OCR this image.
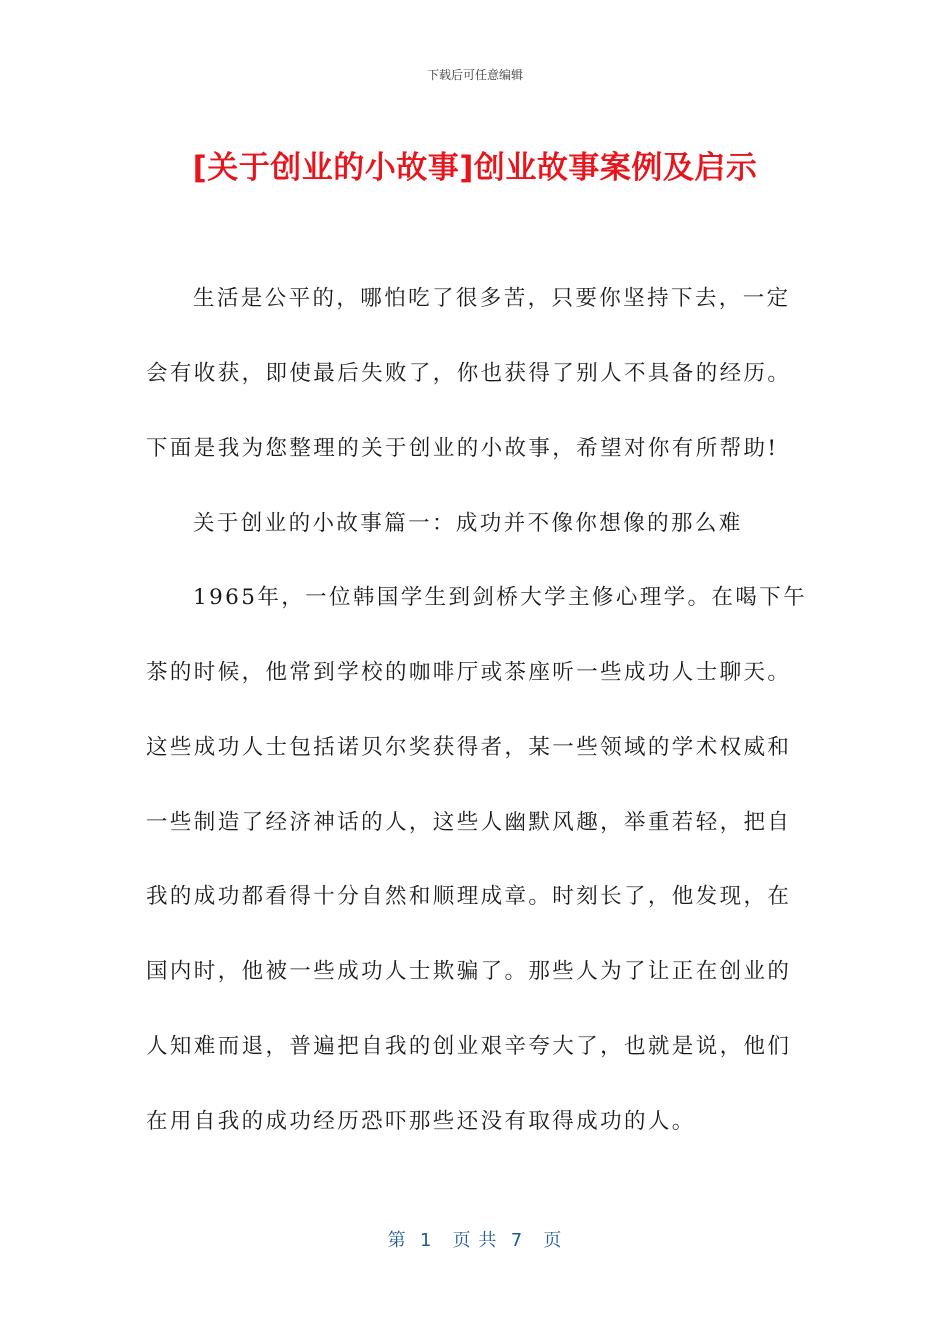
下载后可任意编辑
[关于创业的小故事]创业故事案例及启示
生活是公平的，哪怕吃了很多苦，只要你坚持下去，一定
会有收获，即使最后失败了，你也获得了别人不具备的经历。
下面是我为您整理的关于创业的小故事，希望对你有所帮助!
关于创业的小故事篇一：成功并不像你想像的那么难
1965年，一位韩国学生到剑桥大学主修心理学。在喝下午
茶的时候，他常到学校的咖啡厅或茶座听一些成功人士聊天。
这些成功人士包括诺贝尔奖获得者，某一些领域的学术权威和
一些制造了经济神话的人，这些人幽默风趣，举重若轻，把自
我的成功都看得十分自然和顺理成章。时刻长了，他发现，在
国内时，他被一些成功人士欺骗了。那些人为了让正在创业的
人知难而退，普遍把自我的创业艰辛夸大了，也就是说，他们
在用自我的成功经历恐吓那些还没有取得成功的人。
第  1   页 共  7   页
